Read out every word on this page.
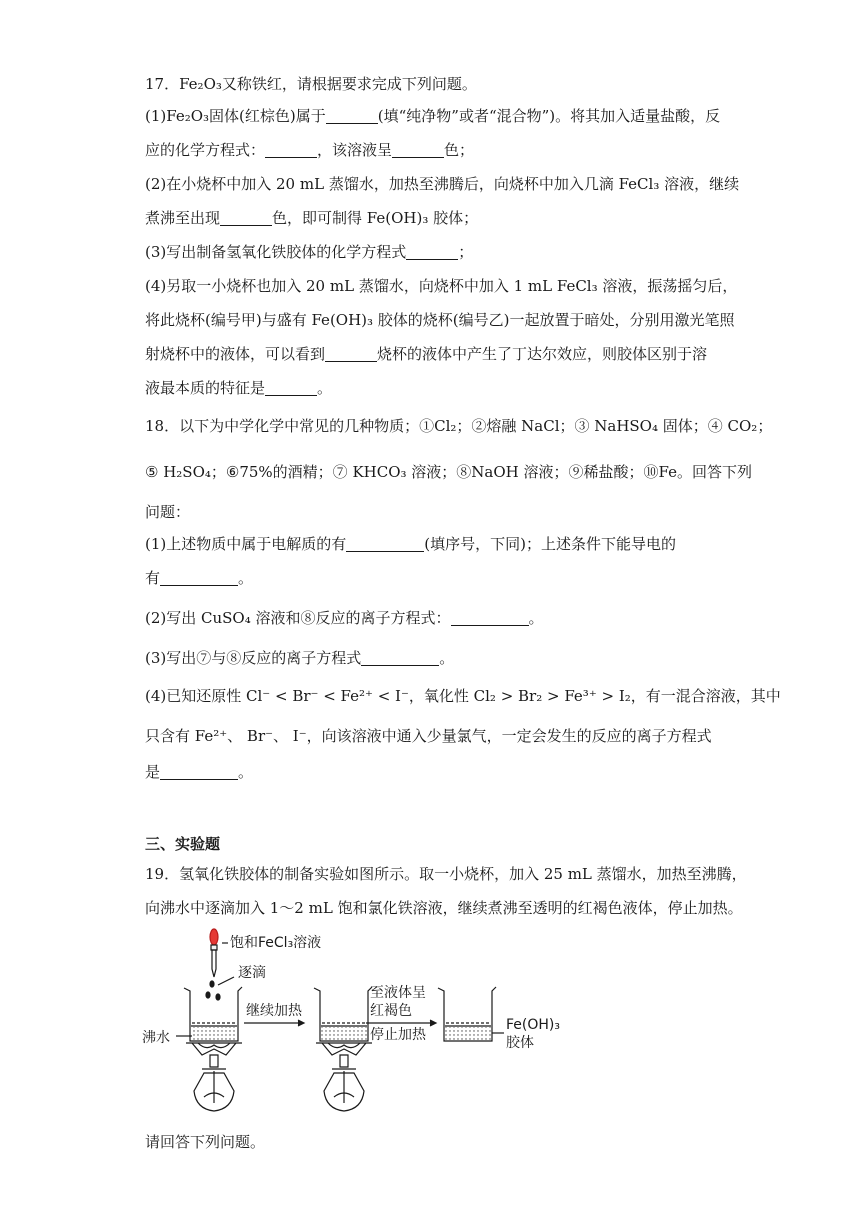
17．Fe₂O₃又称铁红，请根据要求完成下列问题。
(1)Fe₂O₃固体(红棕色)属于	(填“纯净物”或者“混合物”)。将其加入适量盐酸，反
应的化学方程式：	，该溶液呈	色；
(2)在小烧杯中加入 20 mL 蒸馏水，加热至沸腾后，向烧杯中加入几滴 FeCl₃ 溶液，继续
煮沸至出现	色，即可制得 Fe(OH)₃ 胶体；
(3)写出制备氢氧化铁胶体的化学方程式	；
(4)另取一小烧杯也加入 20 mL 蒸馏水，向烧杯中加入 1 mL FeCl₃ 溶液，振荡摇匀后，
将此烧杯(编号甲)与盛有 Fe(OH)₃ 胶体的烧杯(编号乙)一起放置于暗处，分别用激光笔照
射烧杯中的液体，可以看到	烧杯的液体中产生了丁达尔效应，则胶体区别于溶
液最本质的特征是	。
18．以下为中学化学中常见的几种物质；①Cl₂；②熔融 NaCl；③ NaHSO₄ 固体；④ CO₂；
⑤ H₂SO₄；⑥75%的酒精；⑦ KHCO₃ 溶液；⑧NaOH 溶液；⑨稀盐酸；⑩Fe。回答下列
问题：
(1)上述物质中属于电解质的有	(填序号，下同)；上述条件下能导电的
有	。
(2)写出 CuSO₄ 溶液和⑧反应的离子方程式：	。
(3)写出⑦与⑧反应的离子方程式	。
(4)已知还原性 Cl⁻ < Br⁻ < Fe²⁺ < I⁻，氧化性 Cl₂ > Br₂ > Fe³⁺ > I₂，有一混合溶液，其中
只含有 Fe²⁺、 Br⁻、 I⁻，向该溶液中通入少量氯气，一定会发生的反应的离子方程式
是	。
三、实验题
19．氢氧化铁胶体的制备实验如图所示。取一小烧杯，加入 25 mL 蒸馏水，加热至沸腾，
向沸水中逐滴加入 1～2 mL 饱和氯化铁溶液，继续煮沸至透明的红褐色液体，停止加热。
饱和FeCl₃溶液
逐滴
沸水
继续加热
至液体呈
红褐色
停止加热
Fe(OH)₃
胶体
请回答下列问题。
